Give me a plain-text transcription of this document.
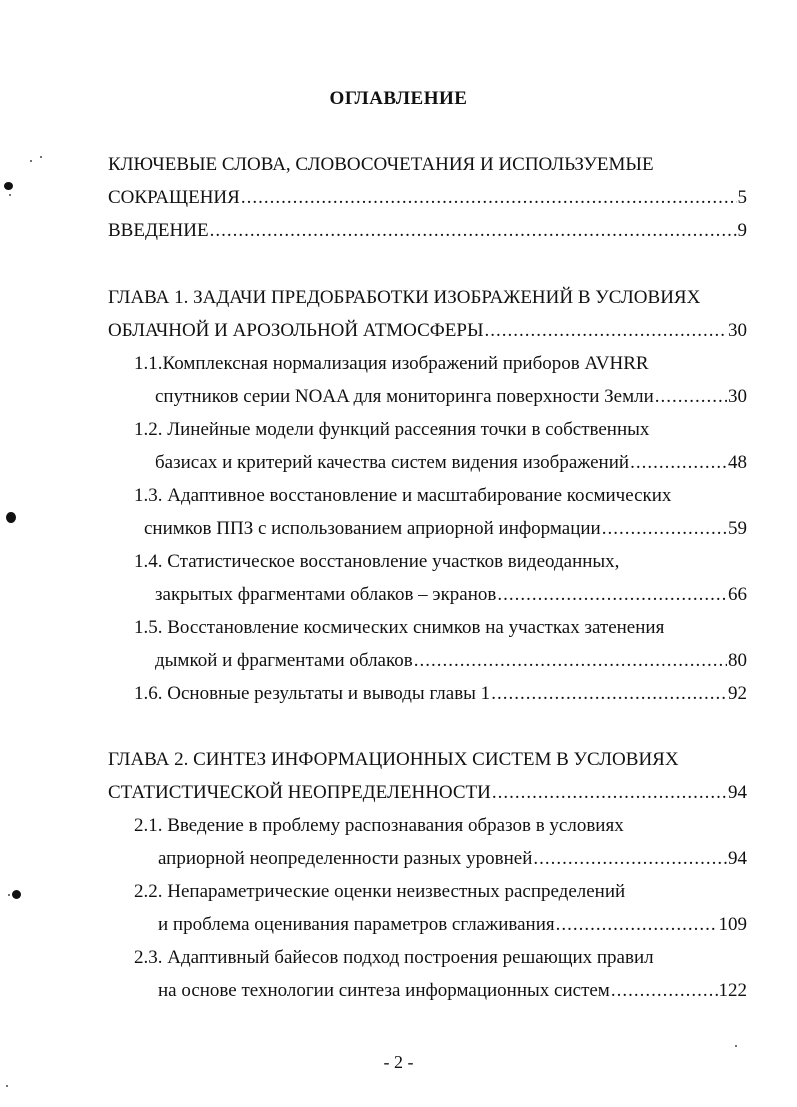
ОГЛАВЛЕНИЕ
КЛЮЧЕВЫЕ СЛОВА, СЛОВОСОЧЕТАНИЯ И ИСПОЛЬЗУЕМЫЕ
СОКРАЩЕНИЯ .....	5
ВВЕДЕНИЕ .....	9
ГЛАВА 1. ЗАДАЧИ ПРЕДОБРАБОТКИ ИЗОБРАЖЕНИЙ В УСЛОВИЯХ
ОБЛАЧНОЙ И АРОЗОЛЬНОЙ АТМОСФЕРЫ .....	30
1.1.Комплексная нормализация изображений приборов AVHRR
спутников серии NOAA для мониторинга поверхности Земли .....	30
1.2. Линейные модели функций рассеяния точки в собственных
базисах и критерий качества систем видения изображений .....	48
1.3. Адаптивное восстановление и масштабирование космических
снимков ППЗ с использованием априорной информации .....	59
1.4. Статистическое восстановление участков видеоданных,
закрытых фрагментами облаков – экранов .....	66
1.5. Восстановление космических снимков на участках затенения
дымкой и фрагментами облаков .....	80
1.6. Основные результаты и выводы главы 1 .....	92
ГЛАВА 2. СИНТЕЗ ИНФОРМАЦИОННЫХ СИСТЕМ В УСЛОВИЯХ
СТАТИСТИЧЕСКОЙ НЕОПРЕДЕЛЕННОСТИ .....	94
2.1. Введение в проблему распознавания образов в условиях
априорной неопределенности разных уровней .....	94
2.2. Непараметрические оценки неизвестных распределений
и проблема оценивания параметров сглаживания .....	109
2.3. Адаптивный байесов подход построения решающих правил
на основе технологии синтеза информационных систем .....	122
- 2 -
